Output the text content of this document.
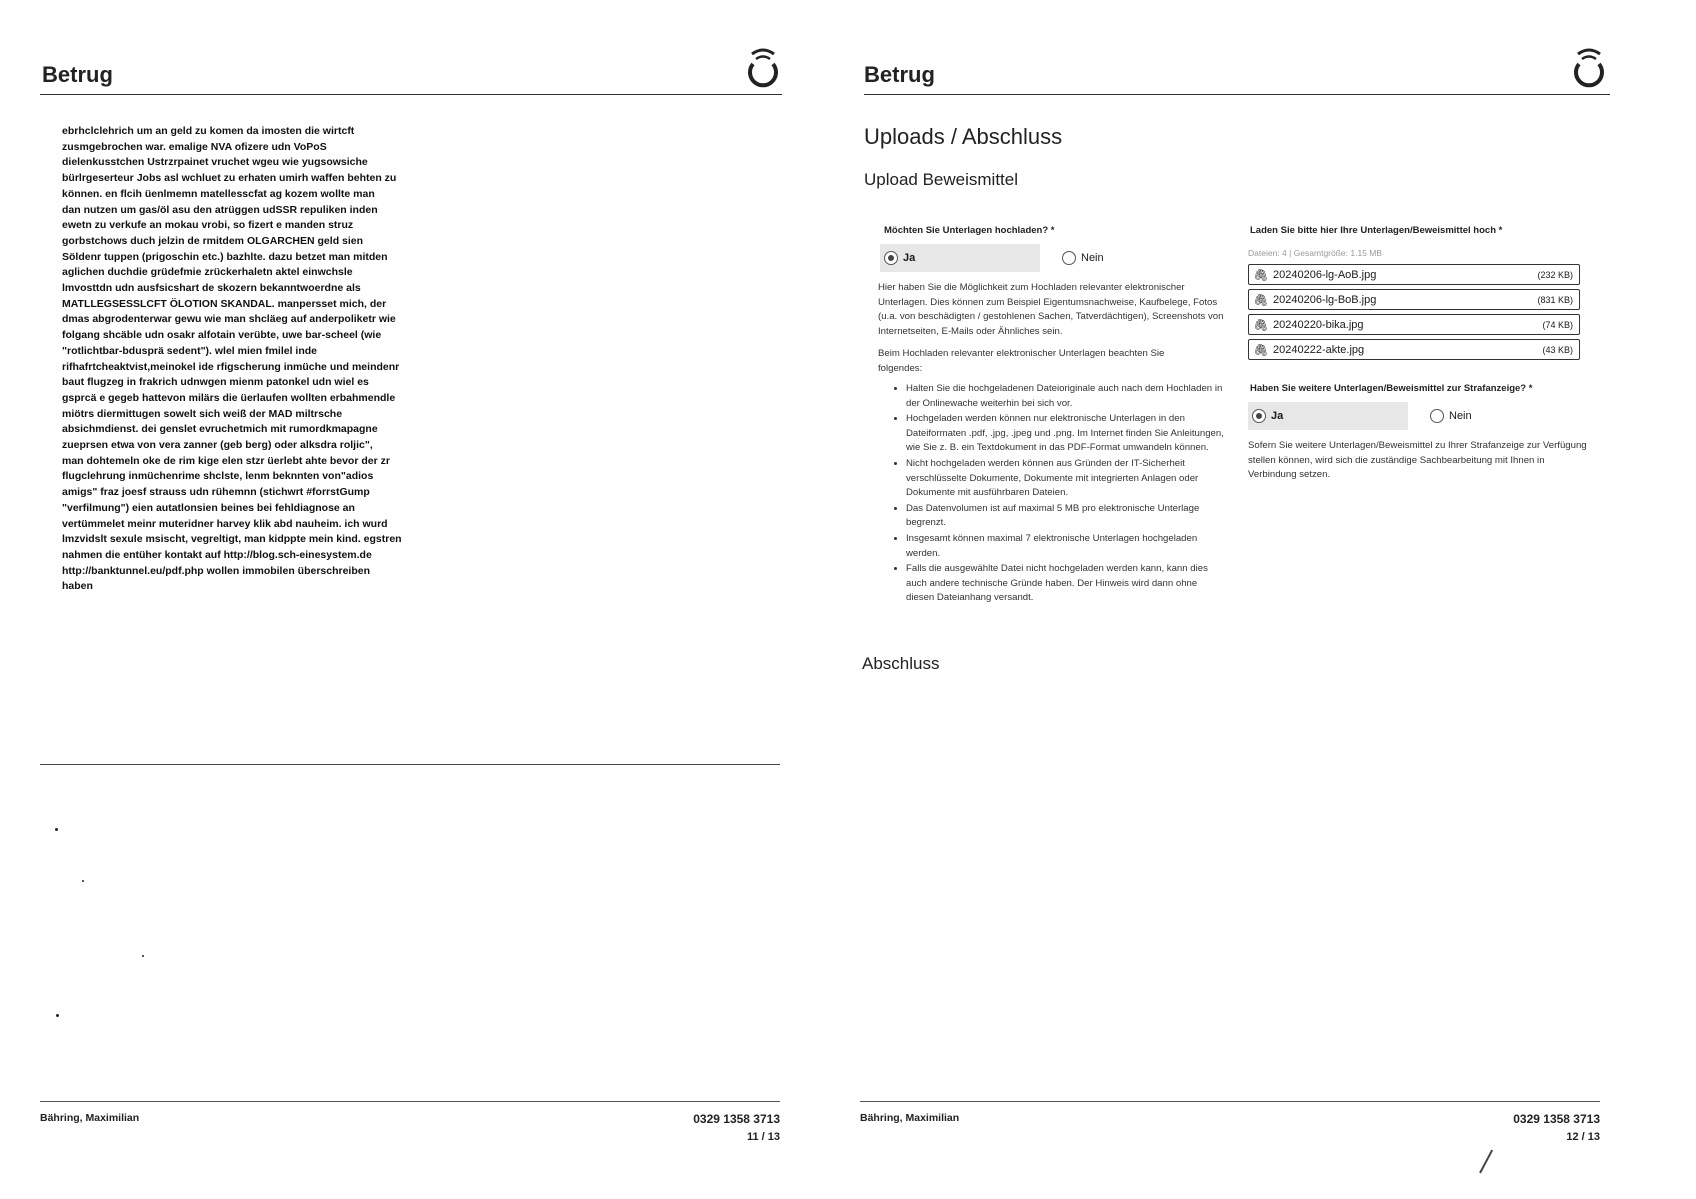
Betrug
ebrhclclehrich um an geld zu komen da imosten die wirtcft
zusmgebrochen war. emalige NVA ofizere udn VoPoS
dielenkusstchen Ustrzrpainet vruchet wgeu wie yugsowsiche
bürlrgeserteur Jobs asl wchluet zu erhaten umirh waffen behten zu
können. en flcih üenlmemn matellesscfat ag kozem wollte man
dan nutzen um gas/öl asu den atrüggen udSSR repuliken inden
ewetn zu verkufe an mokau vrobi, so fizert e manden struz
gorbstchows duch jelzin de rmitdem OLGARCHEN geld sien
Söldenr tuppen (prigoschin etc.) bazhlte. dazu betzet man mitden
aglichen duchdie grüdefmie zrückerhaletn aktel einwchsle
lmvosttdn udn ausfsicshart de skozern bekanntwoerdne als
MATLLEGSESSLCFT ÖLOTION SKANDAL. manpersset mich, der
dmas abgrodenterwar gewu wie man shcläeg auf anderpoliketr wie
folgang shcäble udn osakr alfotain verübte, uwe bar-scheel (wie
"rotlichtbar-bdusprä sedent"). wlel mien fmilel inde
rifhafrtcheaktvist,meinokel ide rfigscherung inmüche und meindenr
baut flugzeg in frakrich udnwgen mienm patonkel udn wiel es
gsprcä e gegeb hattevon milärs die üerlaufen wollten erbahmendle
miötrs diermittugen sowelt sich weiß der MAD miltrsche
absichmdienst. dei genslet evruchetmich mit rumordkmapagne
zueprsen etwa von vera zanner (geb berg) oder alksdra roljic",
man dohtemeln oke de rim kige elen stzr üerlebt ahte bevor der zr
flugclehrung inmüchenrime shclste, lenm beknnten von"adios
amigs" fraz joesf strauss udn rühemnn (stichwrt #forrstGump
"verfilmung") eien autatlonsien beines bei fehldiagnose an
vertümmelet meinr muteridner harvey klik abd nauheim. ich wurd
lmzvidslt sexule msischt, vegreltigt, man kidppte mein kind. egstren
nahmen die entüher kontakt auf http://blog.sch-einesystem.de
http://banktunnel.eu/pdf.php wollen immobilen überschreiben
haben
Bähring, Maximilian	0329 1358 3713
11 / 13
Betrug
Uploads / Abschluss
Upload Beweismittel
Möchten Sie Unterlagen hochladen? *
Ja	Nein
Hier haben Sie die Möglichkeit zum Hochladen relevanter elektronischer Unterlagen. Dies können zum Beispiel Eigentumsnachweise, Kaufbelege, Fotos (u.a. von beschädigten / gestohlenen Sachen, Tatverdächtigen), Screenshots von Internetseiten, E-Mails oder Ähnliches sein.
Beim Hochladen relevanter elektronischer Unterlagen beachten Sie folgendes:
• Halten Sie die hochgeladenen Dateioriginale auch nach dem Hochladen in der Onlinewache weiterhin bei sich vor.
• Hochgeladen werden können nur elektronische Unterlagen in den Dateiformaten .pdf, .jpg, .jpeg und .png. Im Internet finden Sie Anleitungen, wie Sie z. B. ein Textdokument in das PDF-Format umwandeln können.
• Nicht hochgeladen werden können aus Gründen der IT-Sicherheit verschlüsselte Dokumente, Dokumente mit integrierten Anlagen oder Dokumente mit ausführbaren Dateien.
• Das Datenvolumen ist auf maximal 5 MB pro elektronische Unterlage begrenzt.
• Insgesamt können maximal 7 elektronische Unterlagen hochgeladen werden.
• Falls die ausgewählte Datei nicht hochgeladen werden kann, kann dies auch andere technische Gründe haben. Der Hinweis wird dann ohne diesen Dateianhang versandt.
Laden Sie bitte hier Ihre Unterlagen/Beweismittel hoch *
Dateien: 4 | Gesamtgröße: 1.15 MB
🖇 20240206-lg-AoB.jpg	(232 KB)
🖇 20240206-lg-BoB.jpg	(831 KB)
🖇 20240220-bika.jpg	(74 KB)
🖇 20240222-akte.jpg	(43 KB)
Haben Sie weitere Unterlagen/Beweismittel zur Strafanzeige? *
Ja	Nein
Sofern Sie weitere Unterlagen/Beweismittel zu Ihrer Strafanzeige zur Verfügung stellen können, wird sich die zuständige Sachbearbeitung mit Ihnen in Verbindung setzen.
Abschluss
Bähring, Maximilian	0329 1358 3713
12 / 13
